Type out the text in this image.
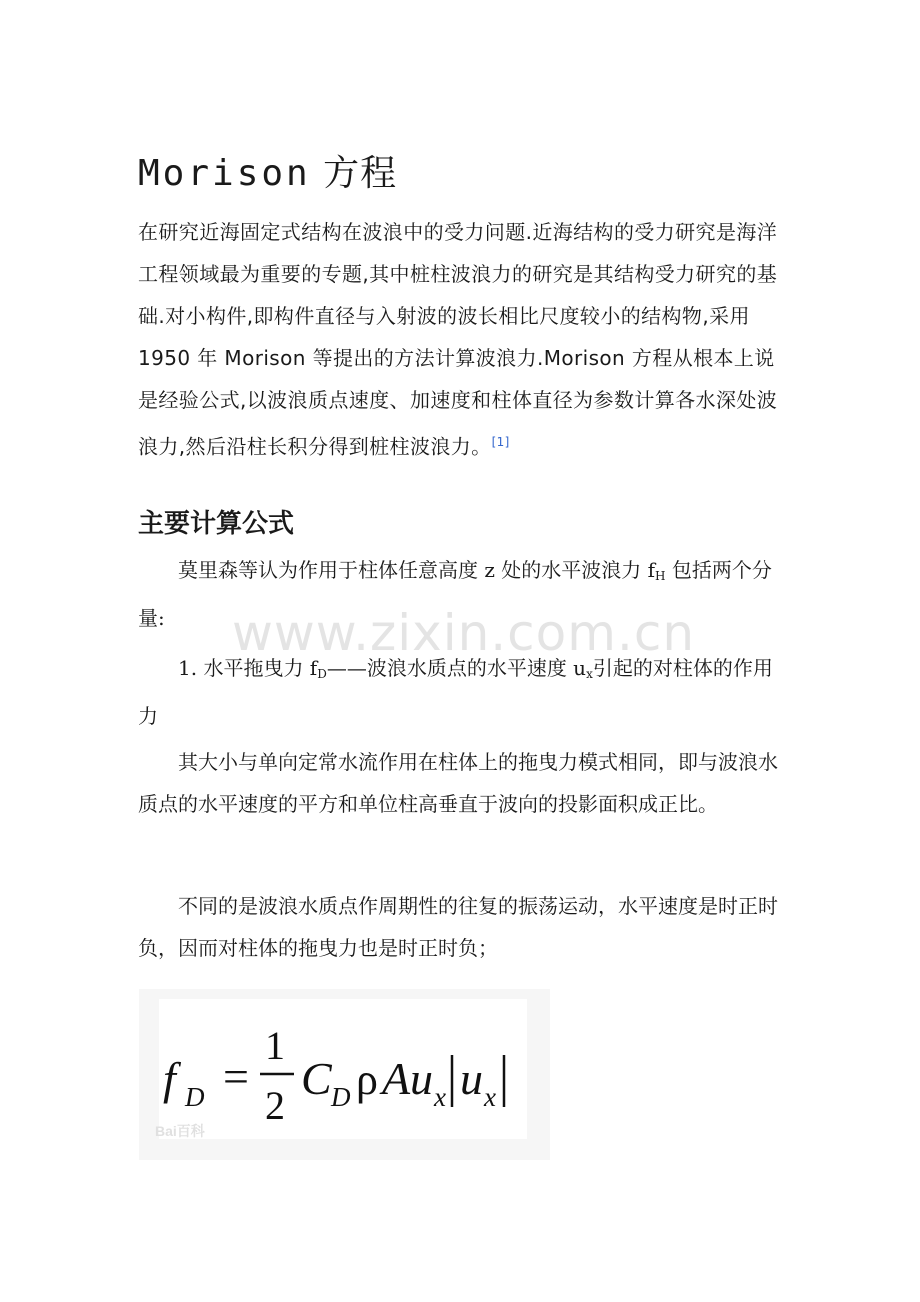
www.zixin.com.cn
Morison 方程

在研究近海固定式结构在波浪中的受力问题.近海结构的受力研究是海洋工程领域最为重要的专题,其中桩柱波浪力的研究是其结构受力研究的基础.对小构件,即构件直径与入射波的波长相比尺度较小的结构物,采用 1950 年 Morison 等提出的方法计算波浪力.Morison 方程从根本上说是经验公式,以波浪质点速度、加速度和柱体直径为参数计算各水深处波浪力,然后沿柱长积分得到桩柱波浪力。[1]

主要计算公式

莫里森等认为作用于柱体任意高度 z 处的水平波浪力 $f_H$ 包括两个分量:

1. 水平拖曳力 $f_D——$波浪水质点的水平速度 $u_x$引起的对柱体的作用力

其大小与单向定常水流作用在柱体上的拖曳力模式相同，即与波浪水质点的水平速度的平方和单位柱高垂直于波向的投影面积成正比。

不同的是波浪水质点作周期性的往复的振荡运动，水平速度是时正时负，因而对柱体的拖曳力也是时正时负；

f D =
1
2
C D ρ A u x u x
Bai百科
